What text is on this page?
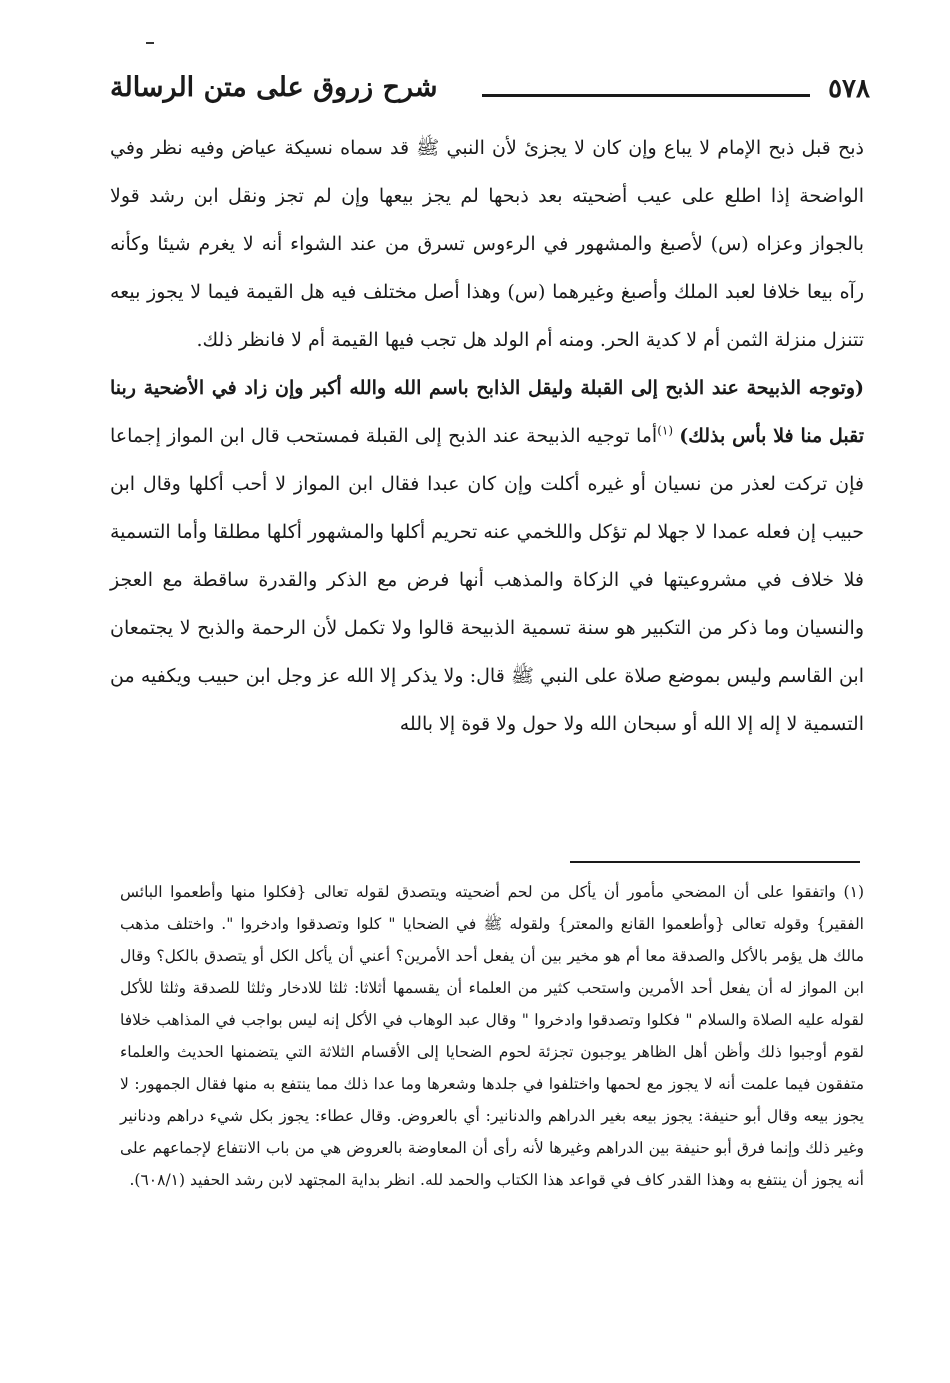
٥٧٨
شرح زروق على متن الرسالة

ذبح قبل ذبح الإمام لا يباع وإن كان لا يجزئ لأن النبي ﷺ قد سماه نسيكة عياض وفيه نظر وفي الواضحة إذا اطلع على عيب أضحيته بعد ذبحها لم يجز بيعها وإن لم تجز ونقل ابن رشد قولا بالجواز وعزاه (س) لأصبغ والمشهور في الرءوس تسرق من عند الشواء أنه لا يغرم شيئا وكأنه رآه بيعا خلافا لعبد الملك وأصبغ وغيرهما (س) وهذا أصل مختلف فيه هل القيمة فيما لا يجوز بيعه تتنزل منزلة الثمن أم لا كدية الحر. ومنه أم الولد هل تجب فيها القيمة أم لا فانظر ذلك.

(وتوجه الذبيحة عند الذبح إلى القبلة وليقل الذابح باسم الله والله أكبر وإن زاد في الأضحية ربنا تقبل منا فلا بأس بذلك) $^{(١)}$أما توجيه الذبيحة عند الذبح إلى القبلة فمستحب قال ابن المواز إجماعا فإن تركت لعذر من نسيان أو غيره أكلت وإن كان عبدا فقال ابن المواز لا أحب أكلها وقال ابن حبيب إن فعله عمدا لا جهلا لم تؤكل واللخمي عنه تحريم أكلها والمشهور أكلها مطلقا وأما التسمية فلا خلاف في مشروعيتها في الزكاة والمذهب أنها فرض مع الذكر والقدرة ساقطة مع العجز والنسيان وما ذكر من التكبير هو سنة تسمية الذبيحة قالوا ولا تكمل لأن الرحمة والذبح لا يجتمعان ابن القاسم وليس بموضع صلاة على النبي ﷺ قال: ولا يذكر إلا الله عز وجل ابن حبيب ويكفيه من التسمية لا إله إلا الله أو سبحان الله ولا حول ولا قوة إلا بالله

(١) واتفقوا على أن المضحي مأمور أن يأكل من لحم أضحيته ويتصدق لقوله تعالى {فكلوا منها وأطعموا البائس الفقير} وقوله تعالى {وأطعموا القانع والمعتر} ولقوله ﷺ في الضحايا " كلوا وتصدقوا وادخروا ". واختلف مذهب مالك هل يؤمر بالأكل والصدقة معا أم هو مخير بين أن يفعل أحد الأمرين؟ أعني أن يأكل الكل أو يتصدق بالكل؟ وقال ابن المواز له أن يفعل أحد الأمرين واستحب كثير من العلماء أن يقسمها أثلاثا: ثلثا للادخار وثلثا للصدقة وثلثا للأكل لقوله عليه الصلاة والسلام " فكلوا وتصدقوا وادخروا " وقال عبد الوهاب في الأكل إنه ليس بواجب في المذاهب خلافا لقوم أوجبوا ذلك وأظن أهل الظاهر يوجبون تجزئة لحوم الضحايا إلى الأقسام الثلاثة التي يتضمنها الحديث والعلماء متفقون فيما علمت أنه لا يجوز مع لحمها واختلفوا في جلدها وشعرها وما عدا ذلك مما ينتفع به منها فقال الجمهور: لا يجوز بيعه وقال أبو حنيفة: يجوز بيعه بغير الدراهم والدنانير: أي بالعروض. وقال عطاء: يجوز بكل شيء دراهم ودنانير وغير ذلك وإنما فرق أبو حنيفة بين الدراهم وغيرها لأنه رأى أن المعاوضة بالعروض هي من باب الانتفاع لإجماعهم على أنه يجوز أن ينتفع به وهذا القدر كاف في قواعد هذا الكتاب والحمد لله. انظر بداية المجتهد لابن رشد الحفيد (٦٠٨/١).
